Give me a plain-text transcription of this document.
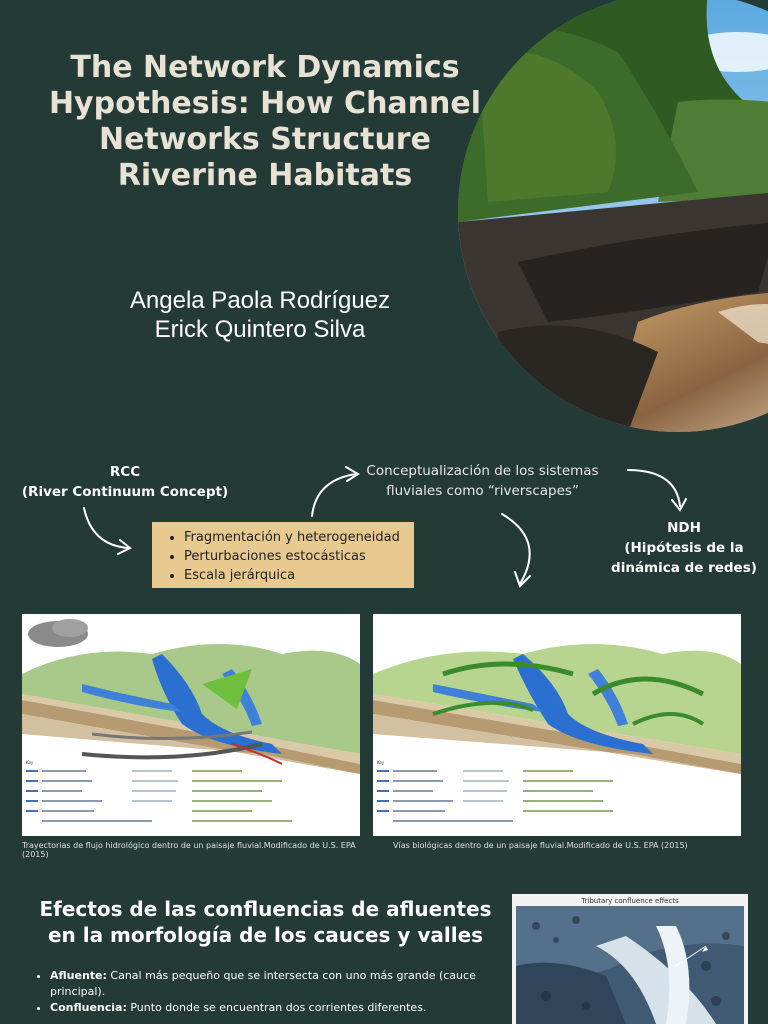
The Network Dynamics Hypothesis: How Channel Networks Structure Riverine Habitats
Angela Paola Rodríguez
Erick Quintero Silva
RCC
(River Continuum Concept)
Conceptualización de los sistemas fluviales como “riverscapes”
NDH
(Hipótesis de la dinámica de redes)
• Fragmentación y heterogeneidad
• Perturbaciones estocásticas
• Escala jerárquica
Key	Key
Trayectorias de flujo hidrológico dentro de un paisaje fluvial.Modificado de U.S. EPA (2015)
Vías biológicas dentro de un paisaje fluvial.Modificado de U.S. EPA (2015)
Efectos de las confluencias de afluentes en la morfología de los cauces y valles
• Afluente: Canal más pequeño que se intersecta con uno más grande (cauce principal).
• Confluencia: Punto donde se encuentran dos corrientes diferentes.
Tributary confluence effects
